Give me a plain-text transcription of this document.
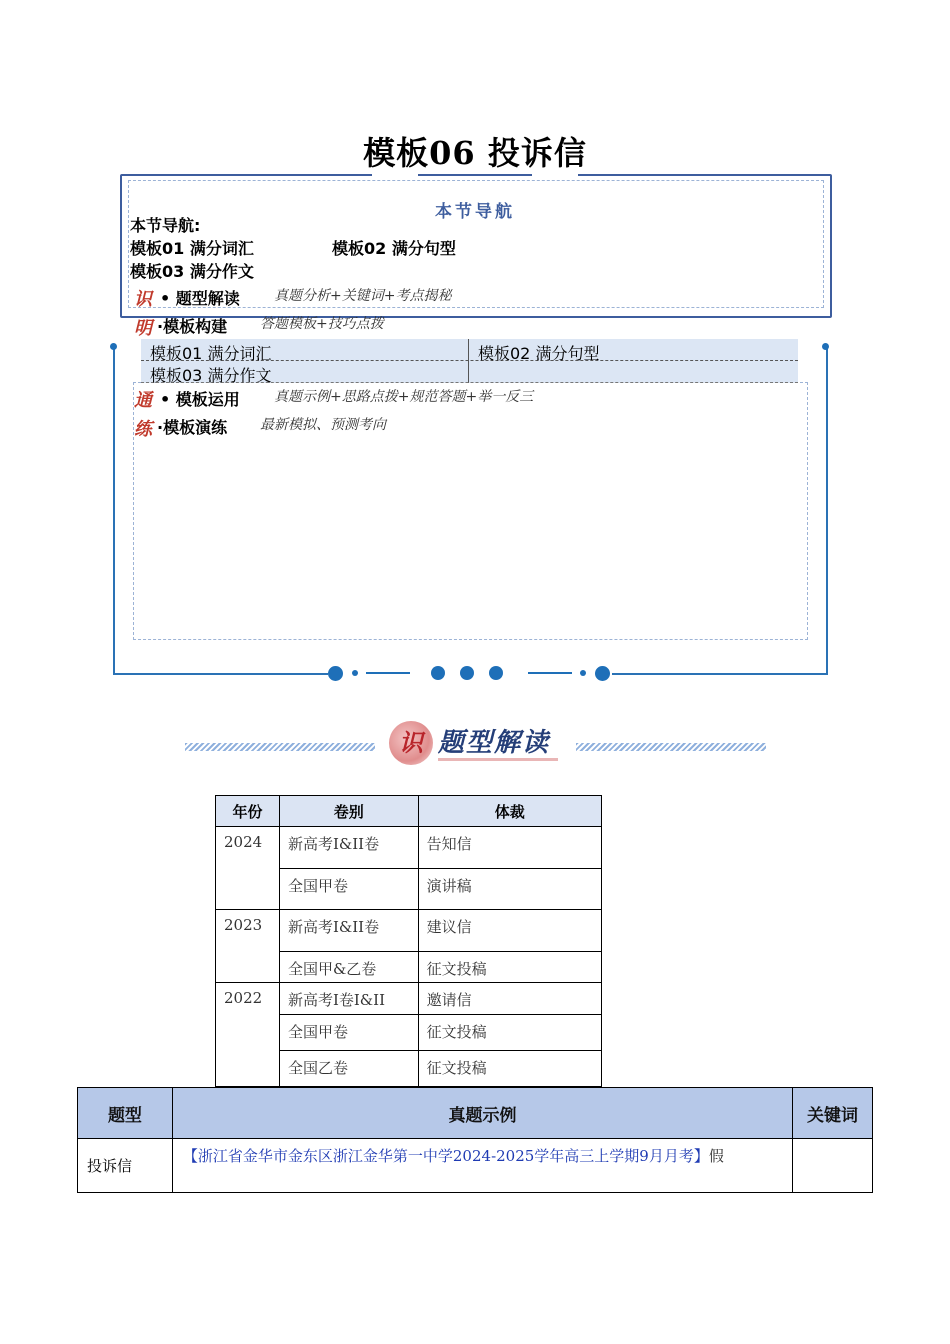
模板06 投诉信
本节导航
本节导航:
模板01 满分词汇	模板02 满分句型
模板03 满分作文
识 • 题型解读 真题分析+关键词+考点揭秘
明 ·模板构建 答题模板+技巧点拨
模板01 满分词汇	模板02 满分句型
模板03 满分作文
通 • 模板运用 真题示例+思路点拨+规范答题+举一反三
练 ·模板演练 最新模拟、预测考向
识 题型解读
年份	卷别	体裁
2024	新高考I&II卷	告知信
	全国甲卷	演讲稿
2023	新高考I&II卷	建议信
	全国甲&乙卷	征文投稿
2022	新高考I卷I&II	邀请信
	全国甲卷	征文投稿
	全国乙卷	征文投稿
题型	真题示例	关键词
投诉信	【浙江省金华市金东区浙江金华第一中学2024-2025学年高三上学期9月月考】假	
